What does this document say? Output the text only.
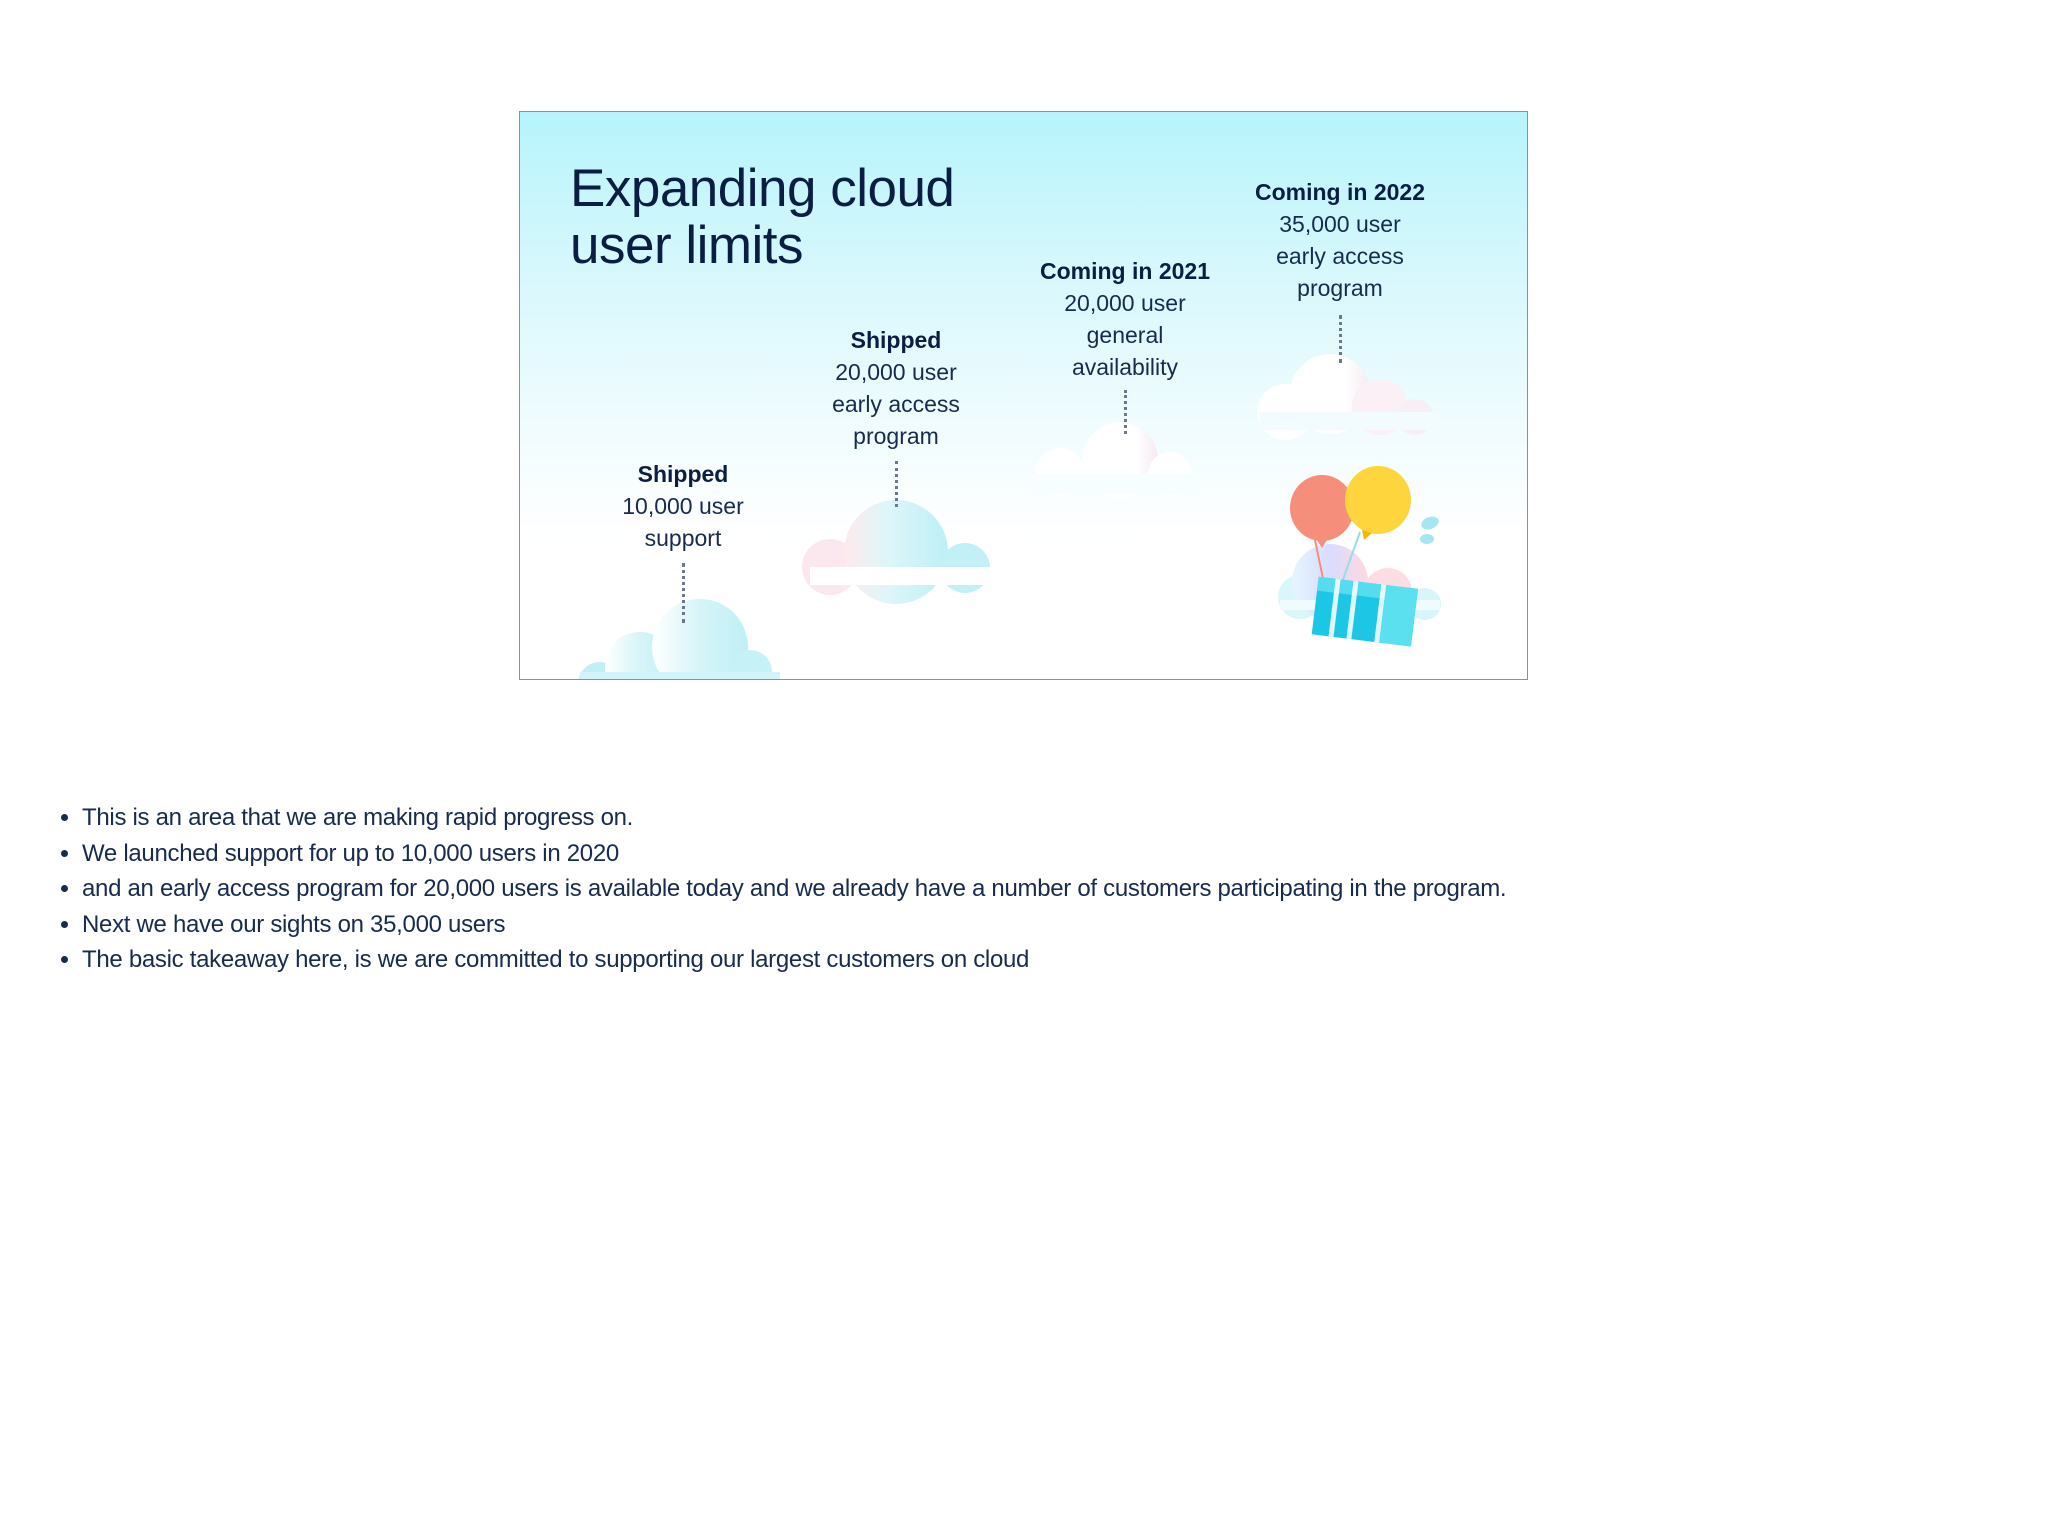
Expanding cloud
user limits
Shipped
10,000 user
support
Shipped
20,000 user
early access
program
Coming in 2021
20,000 user
general
availability
Coming in 2022
35,000 user
early access
program
• This is an area that we are making rapid progress on.
• We launched support for up to 10,000 users in 2020
• and an early access program for 20,000 users is available today and we already have a number of customers participating in the program.
• Next we have our sights on 35,000 users
• The basic takeaway here, is we are committed to supporting our largest customers on cloud
